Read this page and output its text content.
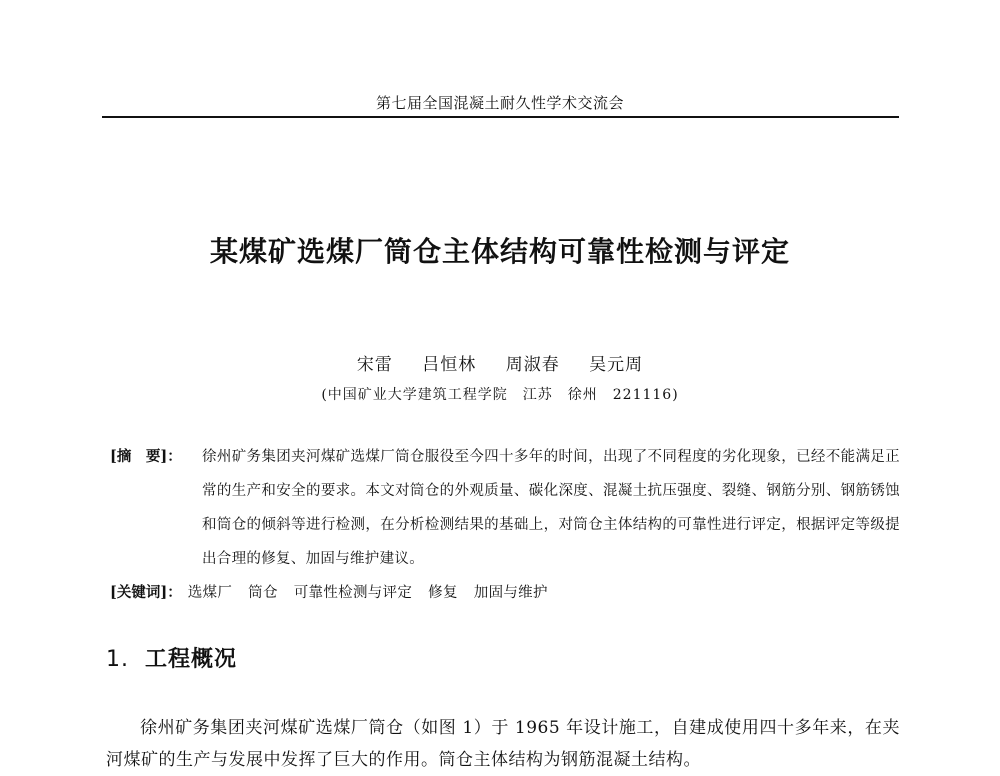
第七届全国混凝土耐久性学术交流会
某煤矿选煤厂筒仓主体结构可靠性检测与评定
宋雷 吕恒林 周淑春 吴元周
(中国矿业大学建筑工程学院　江苏　徐州　221116)
[摘　要]：	徐州矿务集团夹河煤矿选煤厂筒仓服役至今四十多年的时间，出现了不同程度的劣化现象，已经不能满足正常的生产和安全的要求。本文对筒仓的外观质量、碳化深度、混凝土抗压强度、裂缝、钢筋分别、钢筋锈蚀和筒仓的倾斜等进行检测，在分析检测结果的基础上，对筒仓主体结构的可靠性进行评定，根据评定等级提出合理的修复、加固与维护建议。
[关键词]： 选煤厂 筒仓 可靠性检测与评定 修复 加固与维护
1. 工程概况
徐州矿务集团夹河煤矿选煤厂筒仓（如图 1）于 1965 年设计施工，自建成使用四十多年来，在夹河煤矿的生产与发展中发挥了巨大的作用。筒仓主体结构为钢筋混凝土结构。
